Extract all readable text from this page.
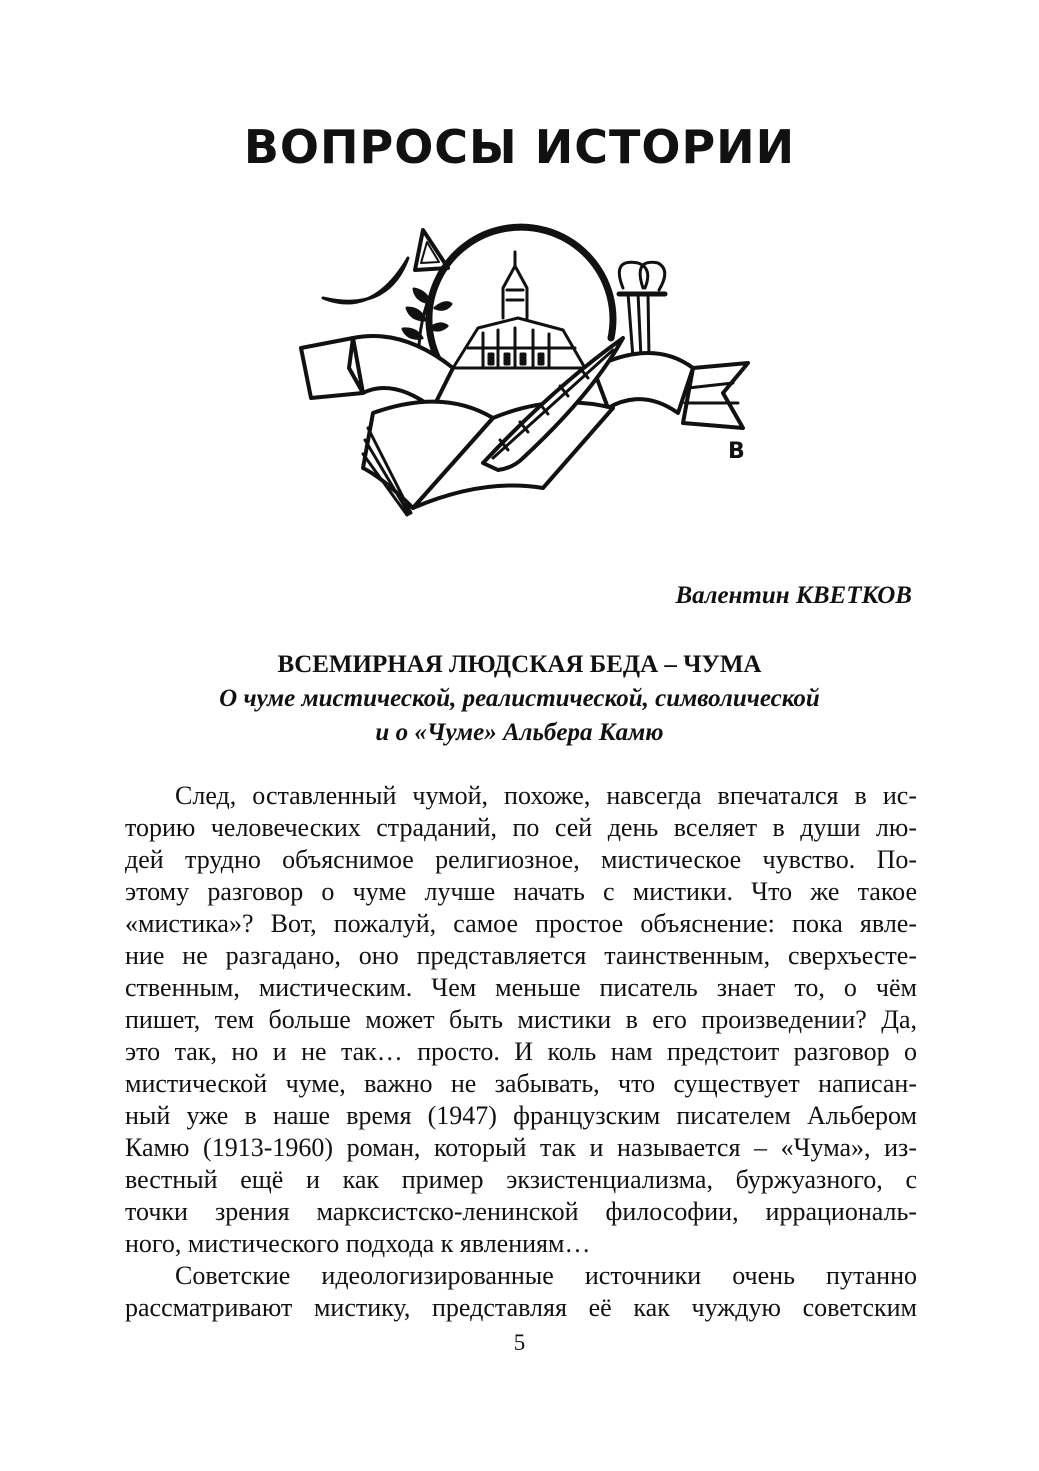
ВОПРОСЫ ИСТОРИИ
В
Валентин КВЕТКОВ
ВСЕМИРНАЯ ЛЮДСКАЯ БЕДА – ЧУМА
О чуме мистической, реалистической, символической
и о «Чуме» Альбера Камю
След, оставленный чумой, похоже, навсегда впечатался в ис-
торию человеческих страданий, по сей день вселяет в души лю-
дей трудно объяснимое религиозное, мистическое чувство. По-
этому разговор о чуме лучше начать с мистики. Что же такое
«мистика»? Вот, пожалуй, самое простое объяснение: пока явле-
ние не разгадано, оно представляется таинственным, сверхъесте-
ственным, мистическим. Чем меньше писатель знает то, о чём
пишет, тем больше может быть мистики в его произведении? Да,
это так, но и не так… просто. И коль нам предстоит разговор о
мистической чуме, важно не забывать, что существует написан-
ный уже в наше время (1947) французским писателем Альбером
Камю (1913-1960) роман, который так и называется – «Чума», из-
вестный ещё и как пример экзистенциализма, буржуазного, с
точки зрения марксистско-ленинской философии, иррациональ-
ного, мистического подхода к явлениям…
Советские идеологизированные источники очень путанно
рассматривают мистику, представляя её как чуждую советским
5
